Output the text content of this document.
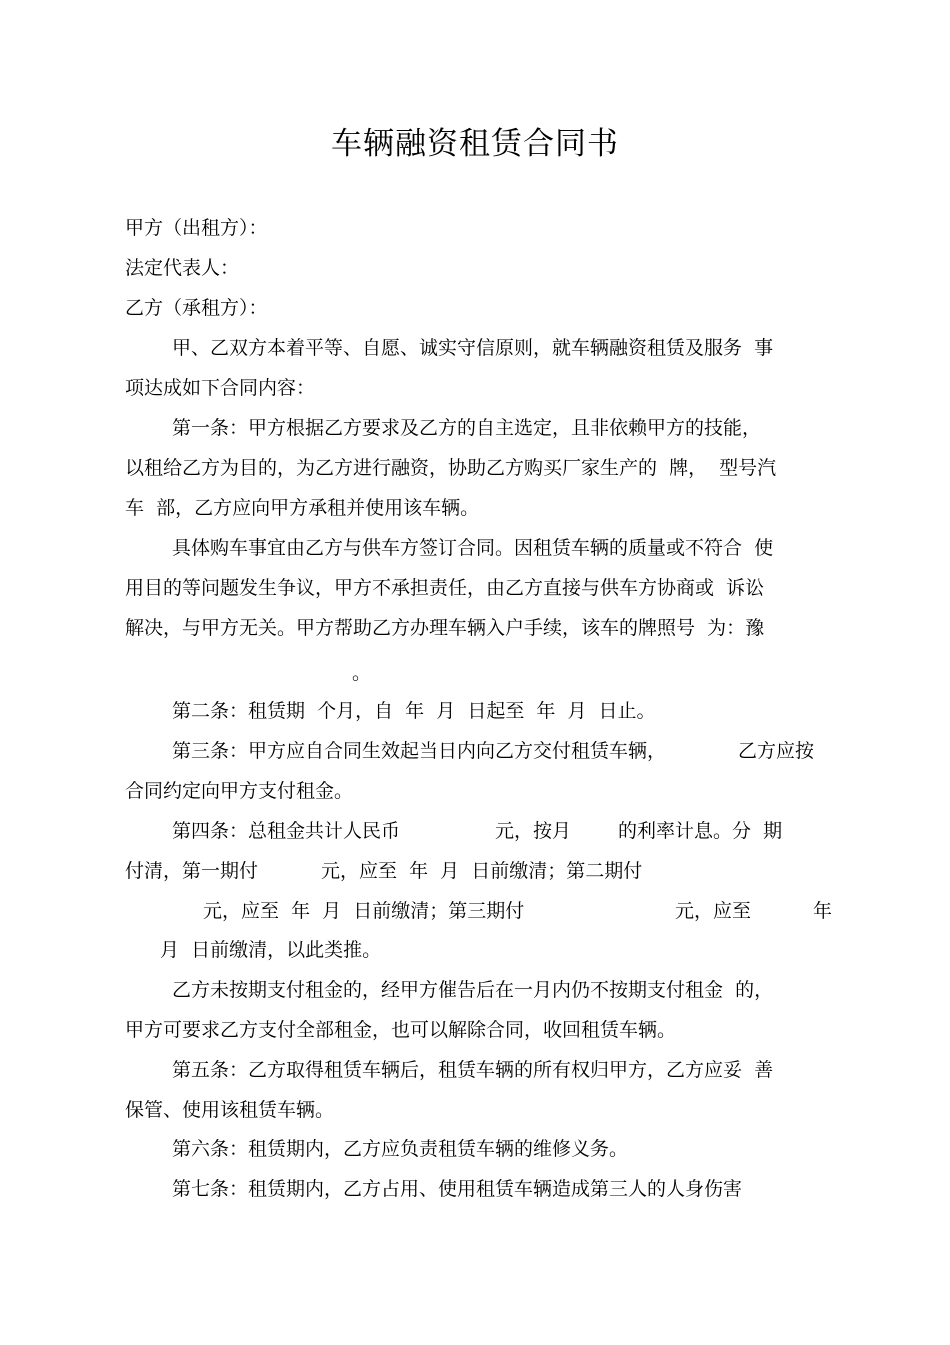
车辆融资租赁合同书
甲方（出租方）：
法定代表人：
乙方（承租方）：
甲、乙双方本着平等、自愿、诚实守信原则，就车辆融资租赁及服务  事
项达成如下合同内容：
第一条：甲方根据乙方要求及乙方的自主选定，且非依赖甲方的技能，
以租给乙方为目的，为乙方进行融资，协助乙方购买厂家生产的  牌，  型号汽
车  部，乙方应向甲方承租并使用该车辆。
具体购车事宜由乙方与供车方签订合同。因租赁车辆的质量或不符合  使
用目的等问题发生争议，甲方不承担责任，由乙方直接与供车方协商或  诉讼
解决，与甲方无关。甲方帮助乙方办理车辆入户手续，该车的牌照号  为：豫
。
第二条：租赁期  个月，自  年  月  日起至  年  月  日止。
第三条：甲方应自合同生效起当日内向乙方交付租赁车辆，	乙方应按
合同约定向甲方支付租金。
第四条：总租金共计人民币	元，按月 的利率计息。分  期
付清，第一期付	元，应至  年  月  日前缴清；第二期付
元，应至  年  月  日前缴清；第三期付	元，应至	年
月  日前缴清，以此类推。
乙方未按期支付租金的，经甲方催告后在一月内仍不按期支付租金  的，
甲方可要求乙方支付全部租金，也可以解除合同，收回租赁车辆。
第五条：乙方取得租赁车辆后，租赁车辆的所有权归甲方，乙方应妥  善
保管、使用该租赁车辆。
第六条：租赁期内，乙方应负责租赁车辆的维修义务。
第七条：租赁期内，乙方占用、使用租赁车辆造成第三人的人身伤害
